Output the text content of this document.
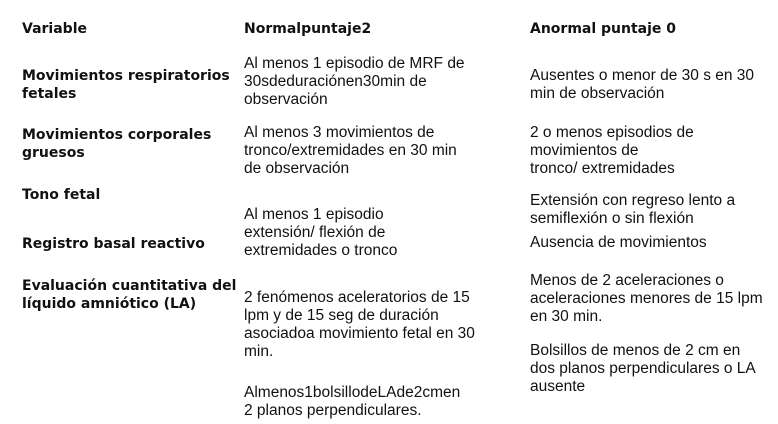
Variable	Normalpuntaje2	Anormal puntaje 0
Movimientos respiratorios
fetales
Movimientos corporales
gruesos
Tono fetal
Registro basal reactivo
Evaluación cuantitativa del
líquido amniótico (LA)
Al menos 1 episodio de MRF de
30sdeduraciónen30min de
observación
Al menos 3 movimientos de
tronco/extremidades en 30 min
de observación
Al menos 1 episodio
extensión/ flexión de
extremidades o tronco
2 fenómenos aceleratorios de 15
lpm y de 15 seg de duración
asociadoa movimiento fetal en 30
min.
Almenos1bolsillodeLAde2cmen
2 planos perpendiculares.
Ausentes o menor de 30 s en 30
min de observación
2 o menos episodios de
movimientos de
tronco/ extremidades
Extensión con regreso lento a
semiflexión o sin flexión
Ausencia de movimientos
Menos de 2 aceleraciones o
aceleraciones menores de 15 lpm
en 30 min.
Bolsillos de menos de 2 cm en
dos planos perpendiculares o LA
ausente
